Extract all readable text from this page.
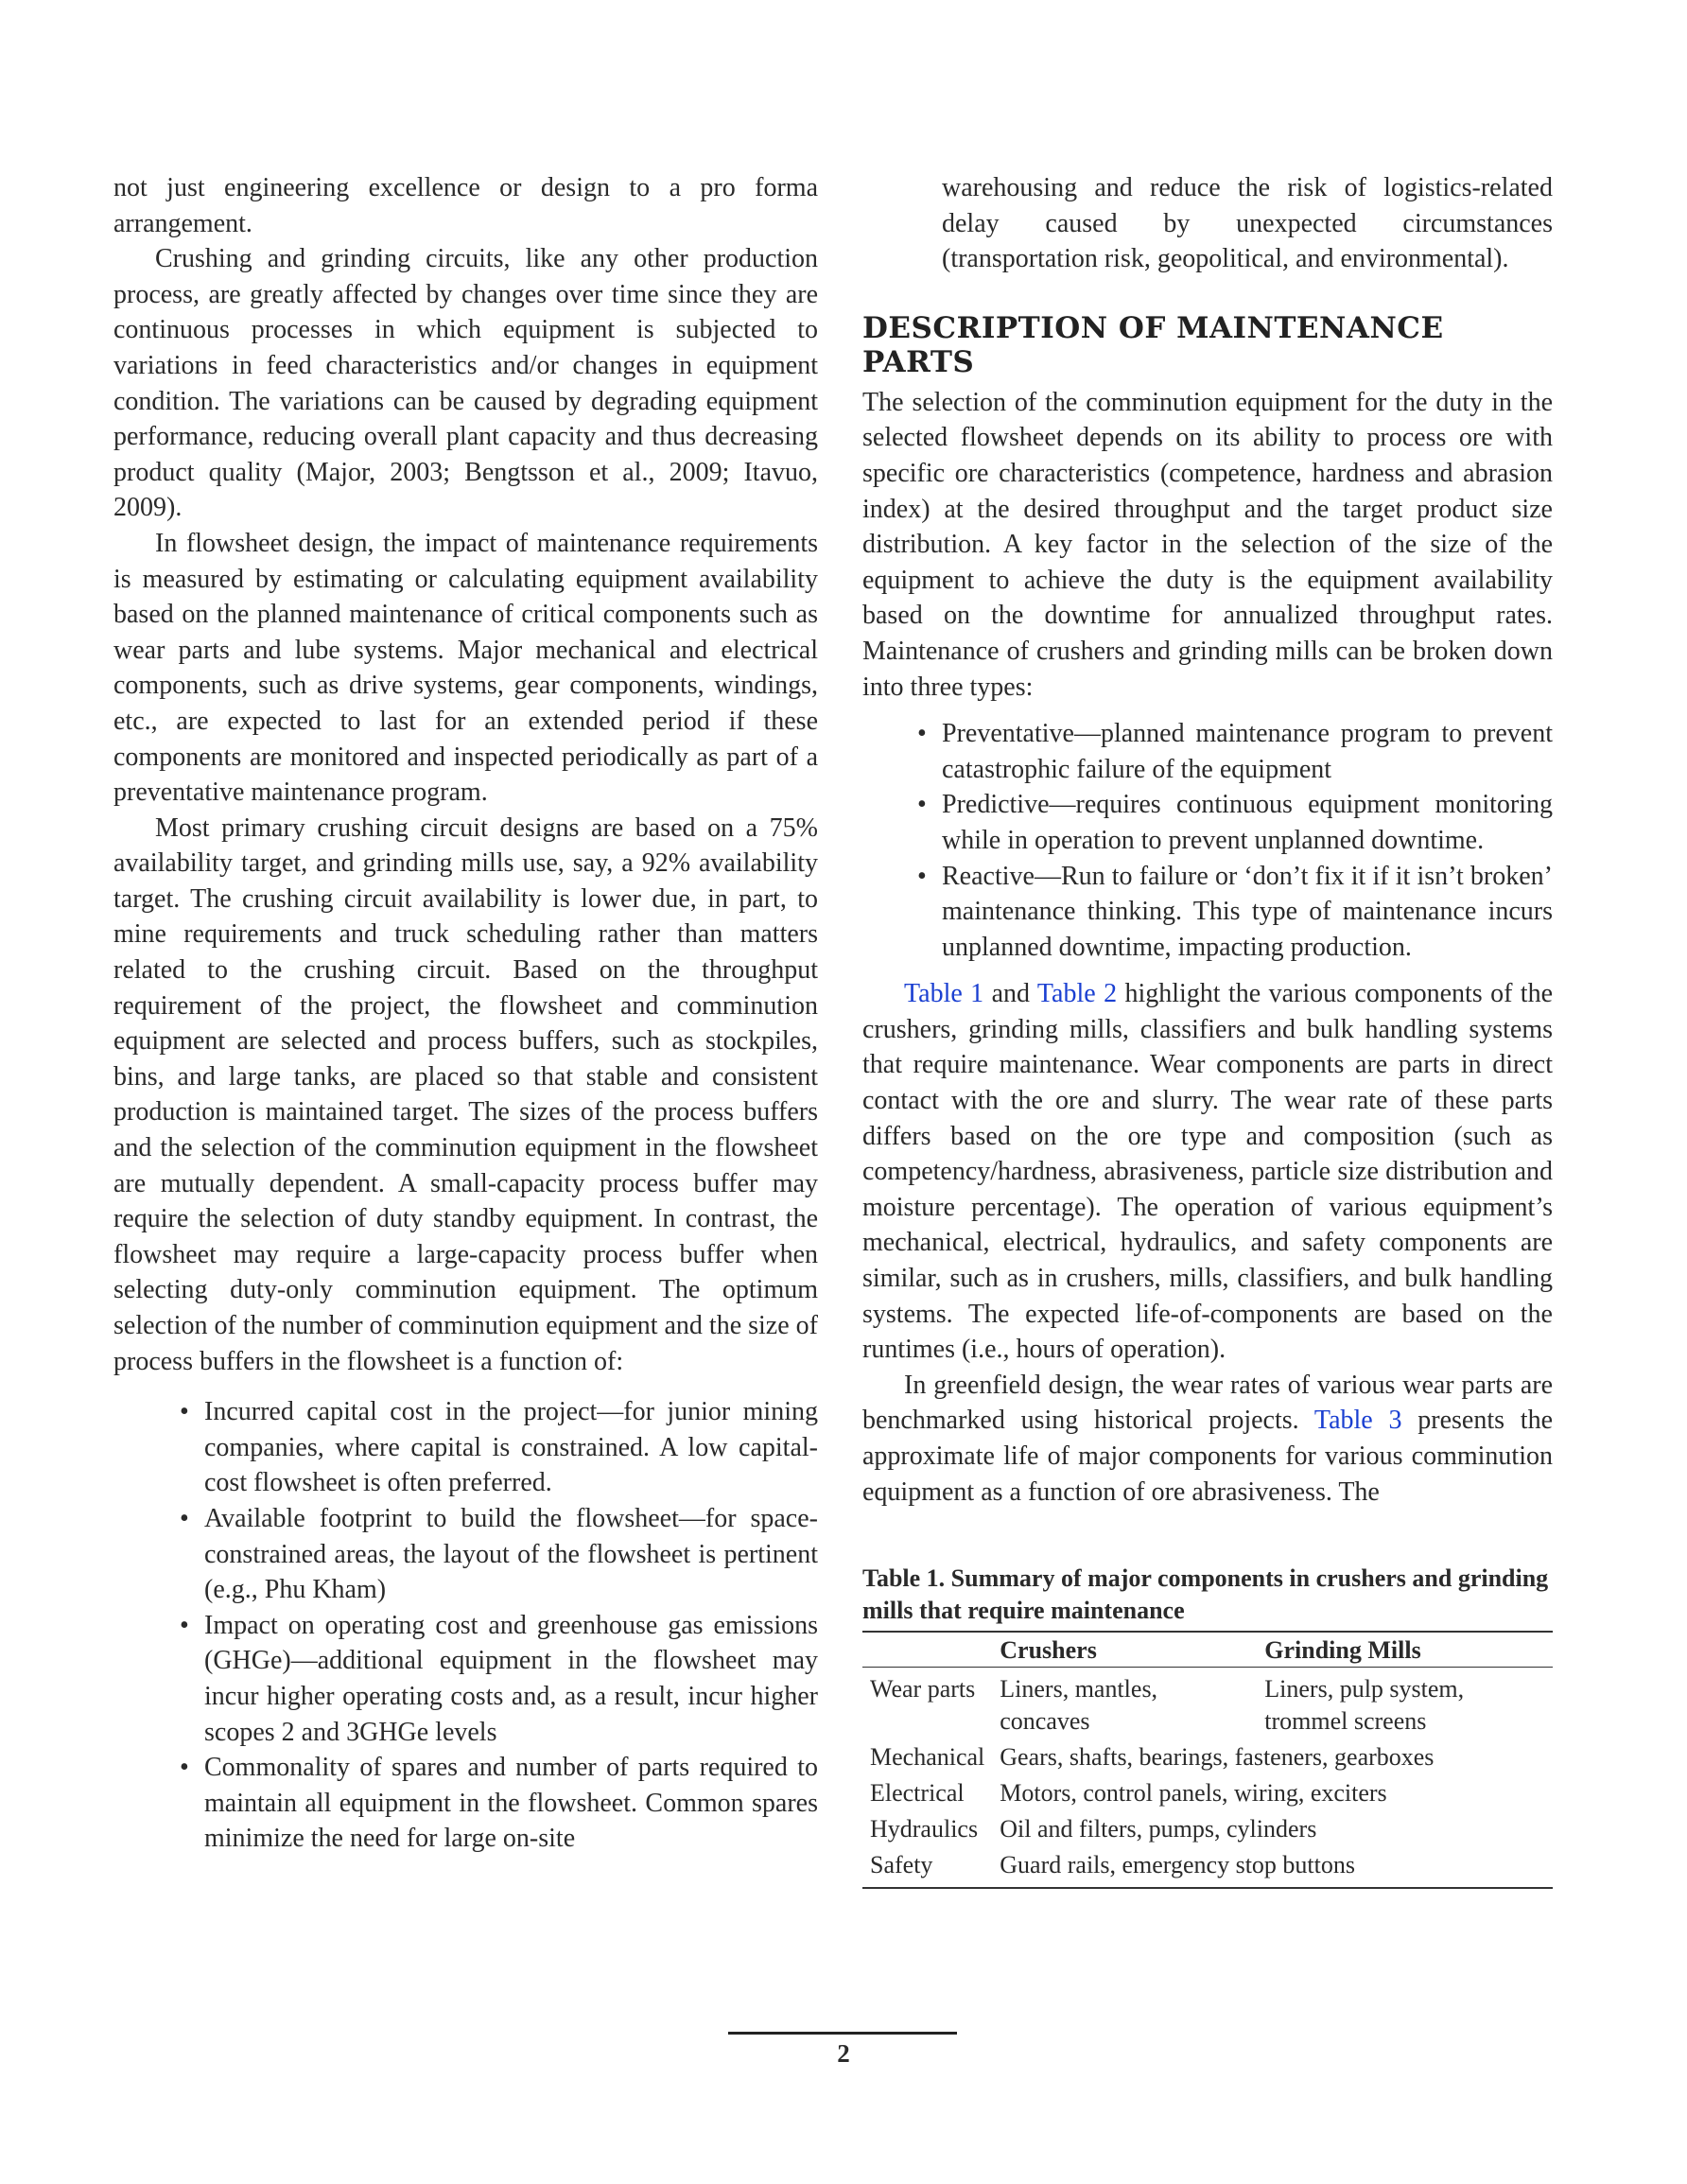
not just engineering excellence or design to a pro forma arrangement.

Crushing and grinding circuits, like any other production process, are greatly affected by changes over time since they are continuous processes in which equipment is subjected to variations in feed characteristics and/or changes in equipment condition. The variations can be caused by degrading equipment performance, reducing overall plant capacity and thus decreasing product quality (Major, 2003; Bengtsson et al., 2009; Itavuo, 2009).

In flowsheet design, the impact of maintenance requirements is measured by estimating or calculating equipment availability based on the planned maintenance of critical components such as wear parts and lube systems. Major mechanical and electrical components, such as drive systems, gear components, windings, etc., are expected to last for an extended period if these components are monitored and inspected periodically as part of a preventative maintenance program.

Most primary crushing circuit designs are based on a 75% availability target, and grinding mills use, say, a 92% availability target. The crushing circuit availability is lower due, in part, to mine requirements and truck scheduling rather than matters related to the crushing circuit. Based on the throughput requirement of the project, the flowsheet and comminution equipment are selected and process buffers, such as stockpiles, bins, and large tanks, are placed so that stable and consistent production is maintained target. The sizes of the process buffers and the selection of the comminution equipment in the flowsheet are mutually dependent. A small-capacity process buffer may require the selection of duty standby equipment. In contrast, the flowsheet may require a large-capacity process buffer when selecting duty-only comminution equipment. The optimum selection of the number of comminution equipment and the size of process buffers in the flowsheet is a function of:

• Incurred capital cost in the project—for junior mining companies, where capital is constrained. A low capital-cost flowsheet is often preferred.
• Available footprint to build the flowsheet—for space-constrained areas, the layout of the flowsheet is pertinent (e.g., Phu Kham)
• Impact on operating cost and greenhouse gas emissions (GHGe)—additional equipment in the flowsheet may incur higher operating costs and, as a result, incur higher scopes 2 and 3GHGe levels
• Commonality of spares and number of parts required to maintain all equipment in the flowsheet. Common spares minimize the need for large on-site

warehousing and reduce the risk of logistics-related delay caused by unexpected circumstances (transportation risk, geopolitical, and environmental).

DESCRIPTION OF MAINTENANCE PARTS

The selection of the comminution equipment for the duty in the selected flowsheet depends on its ability to process ore with specific ore characteristics (competence, hardness and abrasion index) at the desired throughput and the target product size distribution. A key factor in the selection of the size of the equipment to achieve the duty is the equipment availability based on the downtime for annualized throughput rates. Maintenance of crushers and grinding mills can be broken down into three types:

• Preventative—planned maintenance program to prevent catastrophic failure of the equipment
• Predictive—requires continuous equipment monitoring while in operation to prevent unplanned downtime.
• Reactive—Run to failure or ‘don’t fix it if it isn’t broken’ maintenance thinking. This type of maintenance incurs unplanned downtime, impacting production.

Table 1 and Table 2 highlight the various components of the crushers, grinding mills, classifiers and bulk handling systems that require maintenance. Wear components are parts in direct contact with the ore and slurry. The wear rate of these parts differs based on the ore type and composition (such as competency/hardness, abrasiveness, particle size distribution and moisture percentage). The operation of various equipment’s mechanical, electrical, hydraulics, and safety components are similar, such as in crushers, mills, classifiers, and bulk handling systems. The expected life-of-components are based on the runtimes (i.e., hours of operation).

In greenfield design, the wear rates of various wear parts are benchmarked using historical projects. Table 3 presents the approximate life of major components for various comminution equipment as a function of ore abrasiveness. The

Table 1. Summary of major components in crushers and grinding mills that require maintenance
	Crushers	Grinding Mills
Wear parts	Liners, mantles, concaves	Liners, pulp system, trommel screens
Mechanical	Gears, shafts, bearings, fasteners, gearboxes	
Electrical	Motors, control panels, wiring, exciters	
Hydraulics	Oil and filters, pumps, cylinders	
Safety	Guard rails, emergency stop buttons	
2
